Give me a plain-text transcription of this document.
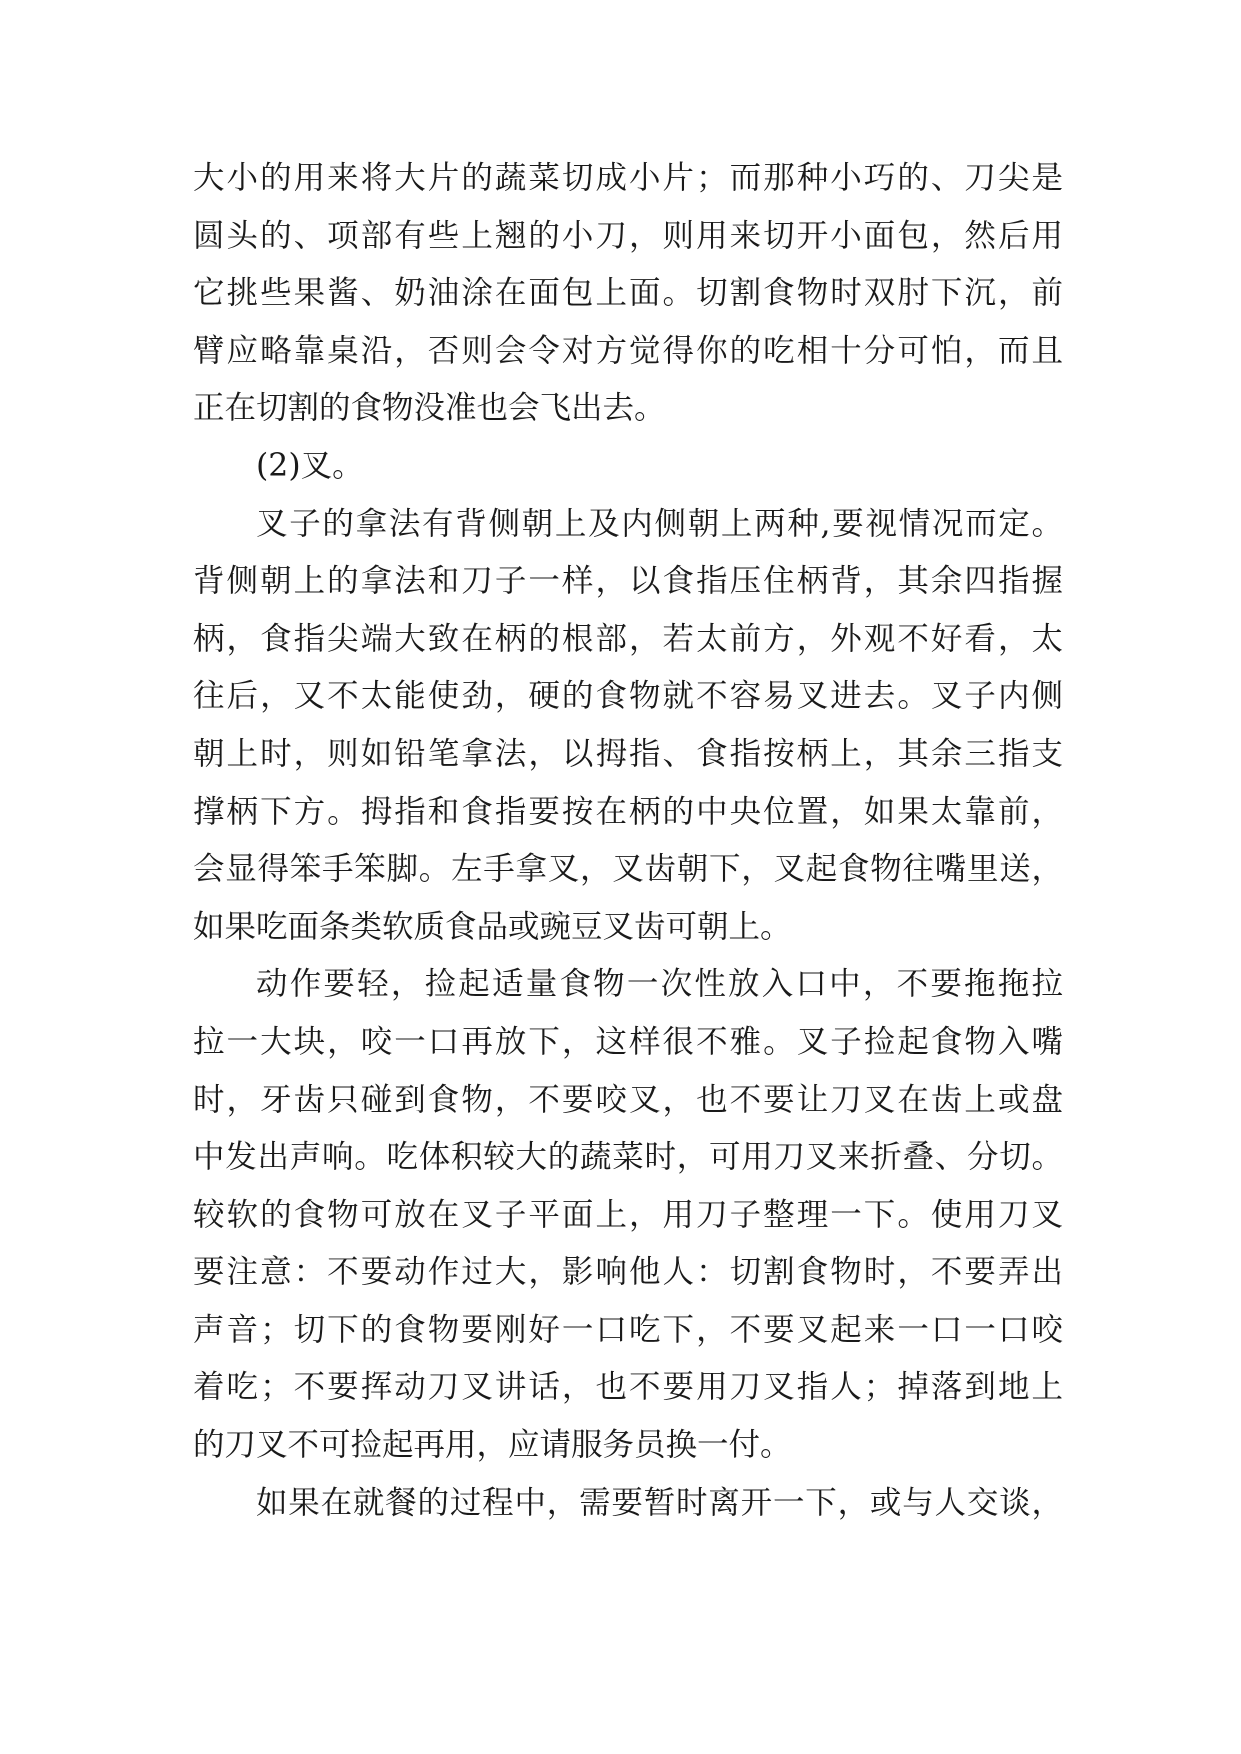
大小的用来将大片的蔬菜切成小片；而那种小巧的、刀尖是
圆头的、项部有些上翘的小刀，则用来切开小面包，然后用
它挑些果酱、奶油涂在面包上面。切割食物时双肘下沉，前
臂应略靠桌沿，否则会令对方觉得你的吃相十分可怕，而且
正在切割的食物没准也会飞出去。
(2)叉。
叉子的拿法有背侧朝上及内侧朝上两种,要视情况而定。
背侧朝上的拿法和刀子一样，以食指压住柄背，其余四指握
柄，食指尖端大致在柄的根部，若太前方，外观不好看，太
往后，又不太能使劲，硬的食物就不容易叉进去。叉子内侧
朝上时，则如铅笔拿法，以拇指、食指按柄上，其余三指支
撑柄下方。拇指和食指要按在柄的中央位置，如果太靠前，
会显得笨手笨脚。左手拿叉，叉齿朝下，叉起食物往嘴里送，
如果吃面条类软质食品或豌豆叉齿可朝上。
动作要轻，捡起适量食物一次性放入口中，不要拖拖拉
拉一大块，咬一口再放下，这样很不雅。叉子捡起食物入嘴
时，牙齿只碰到食物，不要咬叉，也不要让刀叉在齿上或盘
中发出声响。吃体积较大的蔬菜时，可用刀叉来折叠、分切。
较软的食物可放在叉子平面上，用刀子整理一下。使用刀叉
要注意：不要动作过大，影响他人：切割食物时，不要弄出
声音；切下的食物要刚好一口吃下，不要叉起来一口一口咬
着吃；不要挥动刀叉讲话，也不要用刀叉指人；掉落到地上
的刀叉不可捡起再用，应请服务员换一付。
如果在就餐的过程中，需要暂时离开一下，或与人交谈，
